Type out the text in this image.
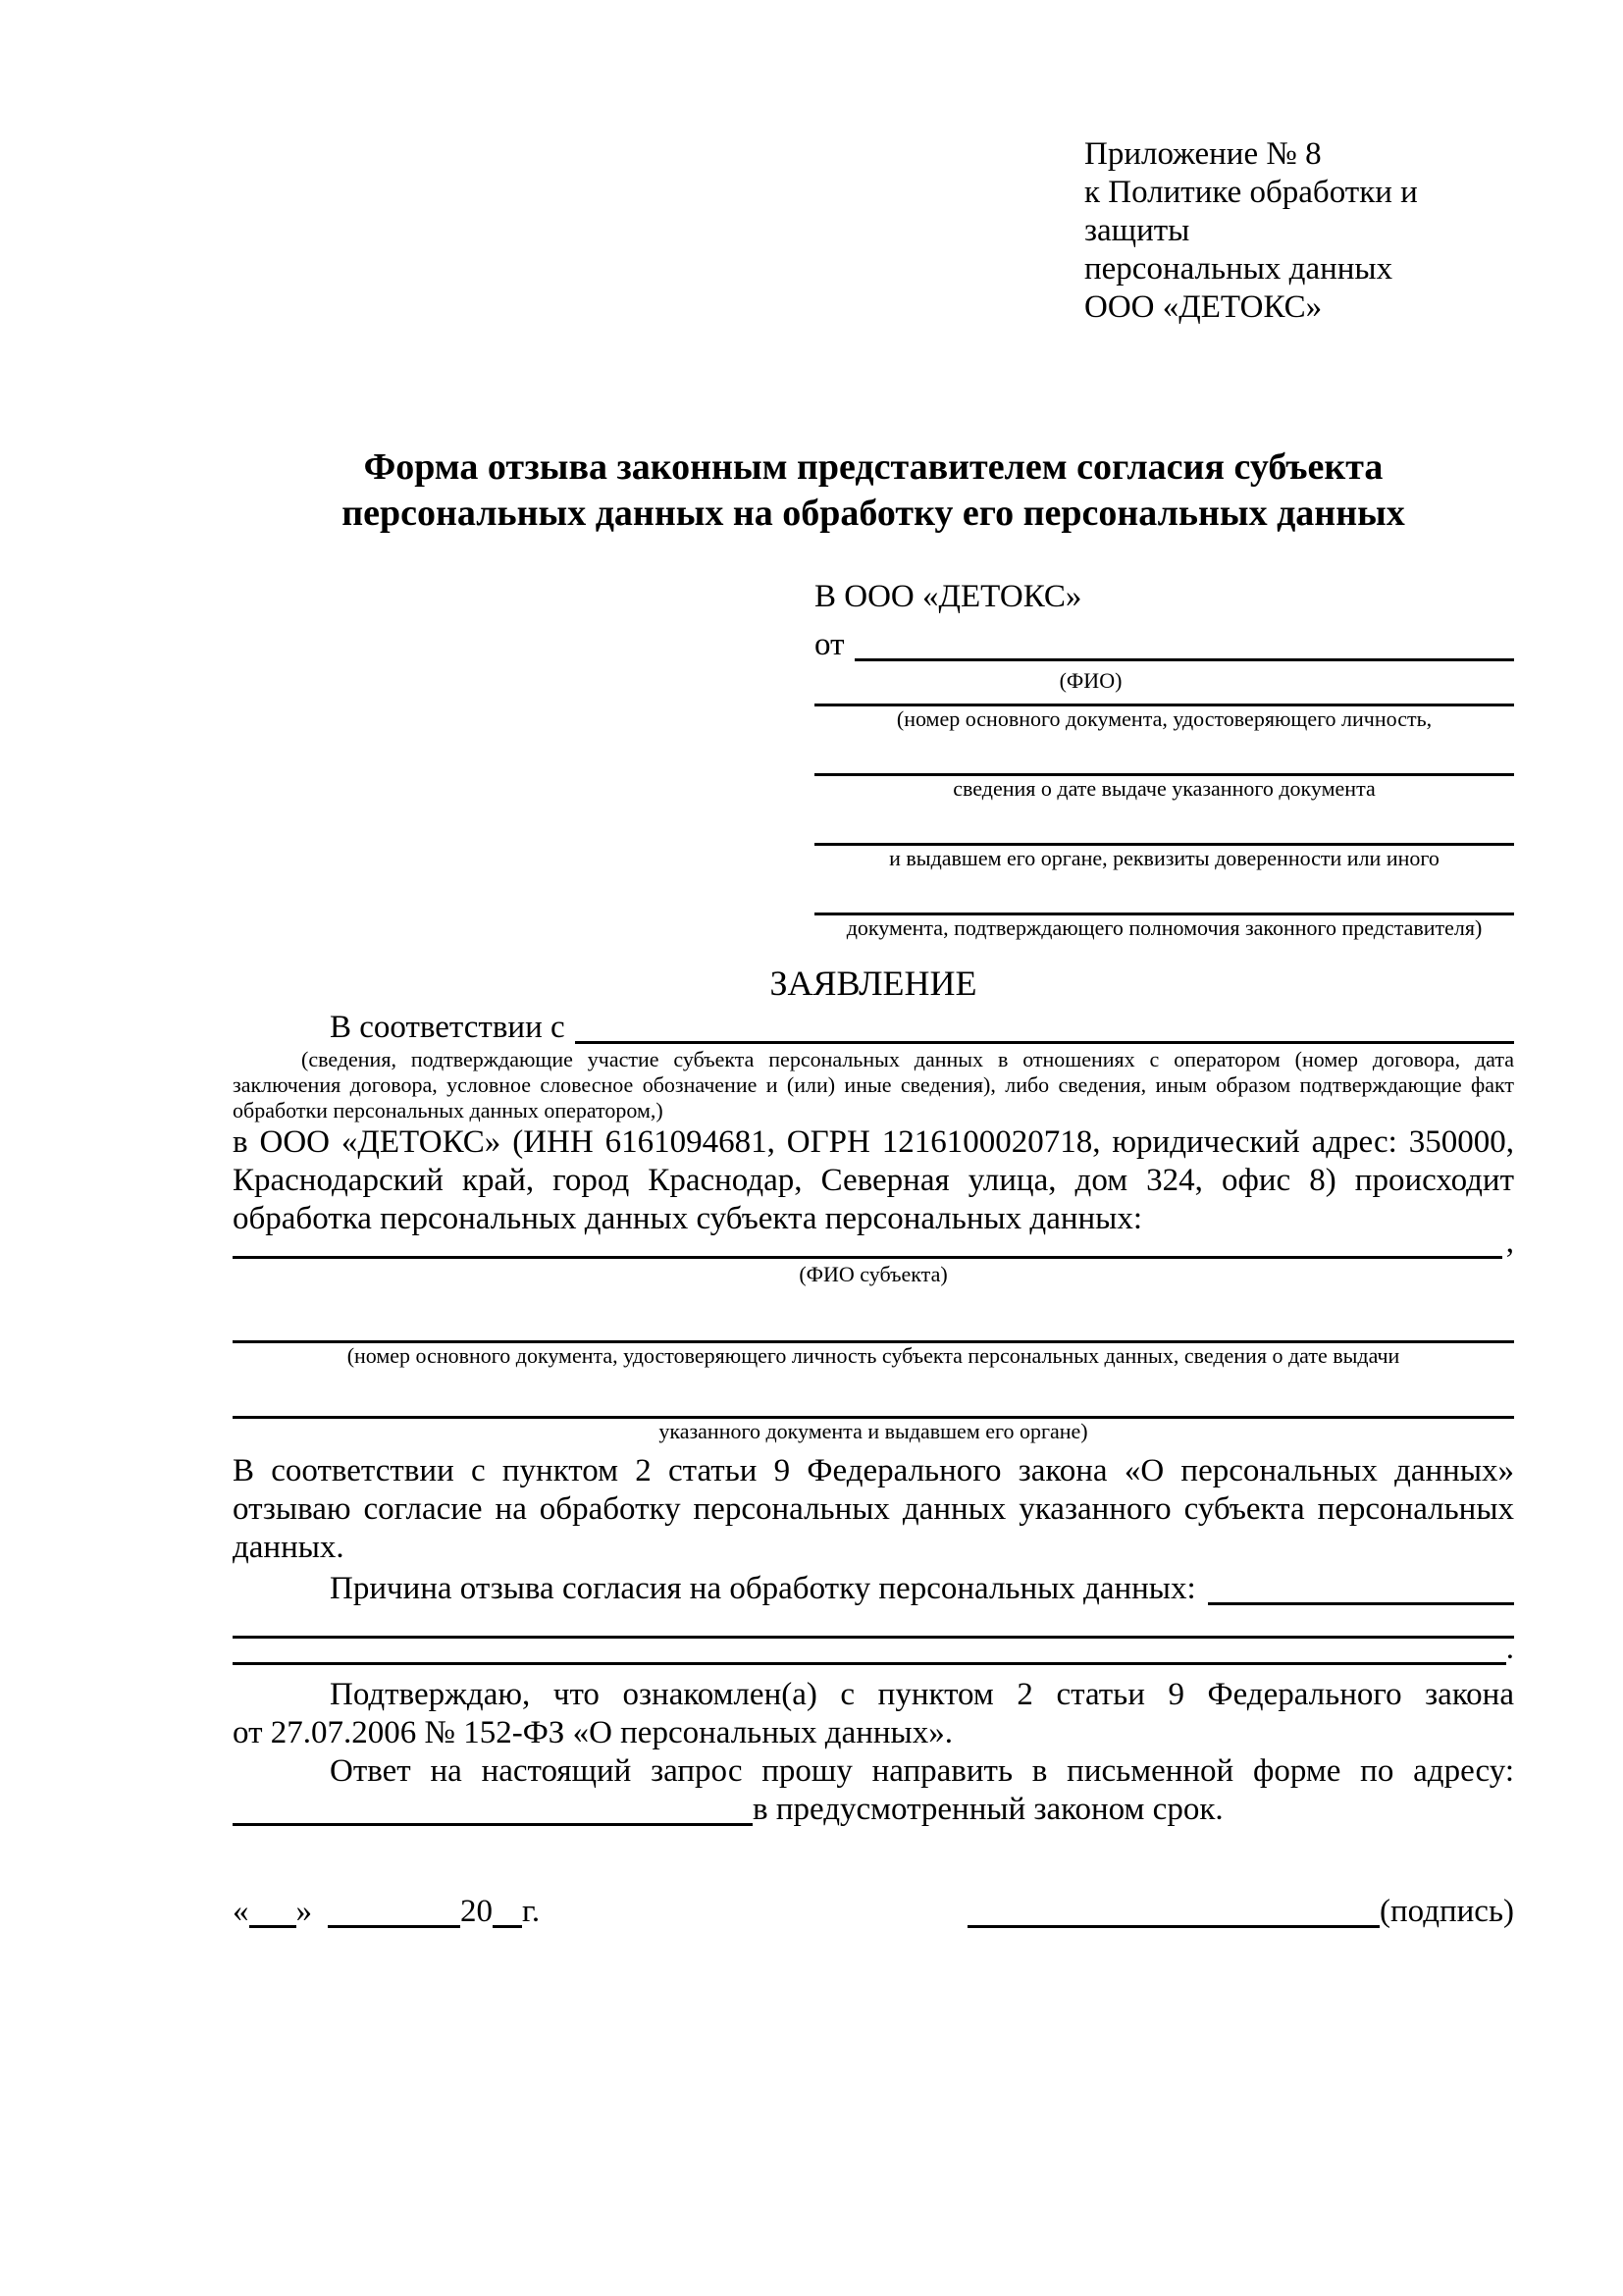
Приложение № 8
к Политике обработки и защиты
персональных данных
ООО «ДЕТОКС»
Форма отзыва законным представителем согласия субъекта
персональных данных на обработку его персональных данных
В ООО «ДЕТОКС»
от
(ФИО)
(номер основного документа, удостоверяющего личность,
сведения о дате выдаче указанного документа
и выдавшем его органе, реквизиты доверенности или иного
документа, подтверждающего полномочия законного представителя)
ЗАЯВЛЕНИЕ
В соответствии с
(сведения, подтверждающие участие субъекта персональных данных в отношениях с оператором (номер договора, дата
заключения договора, условное словесное обозначение и (или) иные сведения), либо сведения, иным образом подтверждающие факт
обработки персональных данных оператором,)
в ООО «ДЕТОКС» (ИНН 6161094681, ОГРН 1216100020718, юридический адрес: 350000,
Краснодарский край, город Краснодар, Северная улица, дом 324, офис 8) происходит
обработка персональных данных субъекта персональных данных:
,
(ФИО субъекта)
(номер основного документа, удостоверяющего личность субъекта персональных данных, сведения о дате выдачи
указанного документа и выдавшем его органе)
В соответствии с пунктом 2 статьи 9 Федерального закона «О персональных данных»
отзываю согласие на обработку персональных данных указанного субъекта персональных
данных.
Причина отзыва согласия на обработку персональных данных:
.
Подтверждаю, что ознакомлен(а) с пунктом 2 статьи 9 Федерального закона
от 27.07.2006 № 152-ФЗ «О персональных данных».
Ответ на настоящий запрос прошу направить в письменной форме по адресу:
в предусмотренный законом срок.
« »	20 г.	(подпись)
